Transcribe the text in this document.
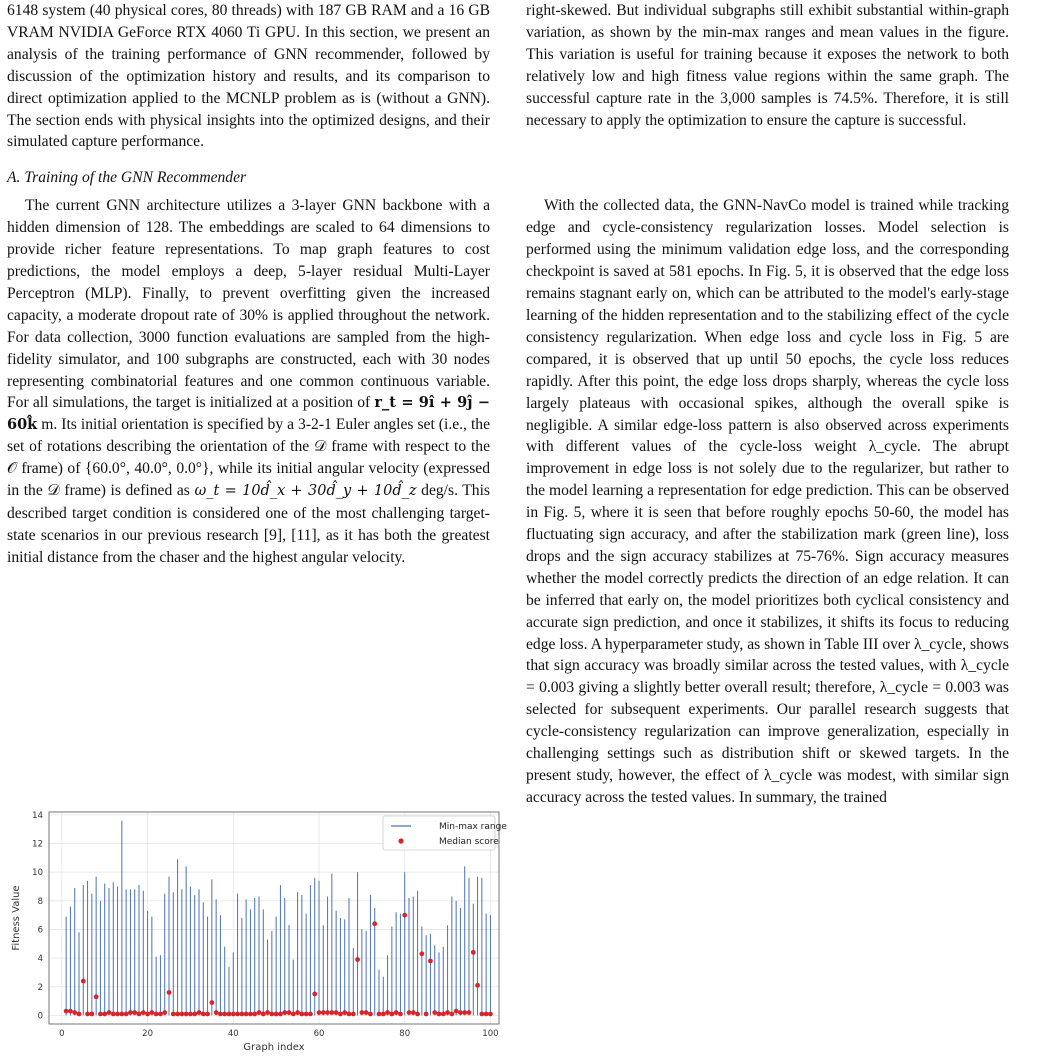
6148 system (40 physical cores, 80 threads) with 187 GB RAM and a 16 GB VRAM NVIDIA GeForce RTX 4060 Ti GPU. In this section, we present an analysis of the training performance of GNN recommender, followed by discussion of the optimization history and results, and its comparison to direct optimization applied to the MCNLP problem as is (without a GNN). The section ends with physical insights into the optimized designs, and their simulated capture performance.

A. Training of the GNN Recommender

The current GNN architecture utilizes a 3-layer GNN backbone with a hidden dimension of 128. The embeddings are scaled to 64 dimensions to provide richer feature representations. To map graph features to cost predictions, the model employs a deep, 5-layer residual Multi-Layer Perceptron (MLP). Finally, to prevent overfitting given the increased capacity, a moderate dropout rate of 30% is applied throughout the network. For data collection, 3000 function evaluations are sampled from the high-fidelity simulator, and 100 subgraphs are constructed, each with 30 nodes representing combinatorial features and one common continuous variable. For all simulations, the target is initialized at a position of r_t = 9î + 9ĵ − 60k̂ m. Its initial orientation is specified by a 3-2-1 Euler angles set (i.e., the set of rotations describing the orientation of the 𝒟 frame with respect to the 𝒪 frame) of {60.0°, 40.0°, 0.0°}, while its initial angular velocity (expressed in the 𝒟 frame) is defined as ω_t = 10d̂_x + 30d̂_y + 10d̂_z deg/s. This described target condition is considered one of the most challenging target-state scenarios in our previous research [9], [11], as it has both the greatest initial distance from the chaser and the highest angular velocity.

right-skewed. But individual subgraphs still exhibit substantial within-graph variation, as shown by the min-max ranges and mean values in the figure. This variation is useful for training because it exposes the network to both relatively low and high fitness value regions within the same graph. The successful capture rate in the 3,000 samples is 74.5%. Therefore, it is still necessary to apply the optimization to ensure the capture is successful.

With the collected data, the GNN-NavCo model is trained while tracking edge and cycle-consistency regularization losses. Model selection is performed using the minimum validation edge loss, and the corresponding checkpoint is saved at 581 epochs. In Fig. 5, it is observed that the edge loss remains stagnant early on, which can be attributed to the model's early-stage learning of the hidden representation and to the stabilizing effect of the cycle consistency regularization. When edge loss and cycle loss in Fig. 5 are compared, it is observed that up until 50 epochs, the cycle loss reduces rapidly. After this point, the edge loss drops sharply, whereas the cycle loss largely plateaus with occasional spikes, although the overall spike is negligible. A similar edge-loss pattern is also observed across experiments with different values of the cycle-loss weight λ_cycle. The abrupt improvement in edge loss is not solely due to the regularizer, but rather to the model learning a representation for edge prediction. This can be observed in Fig. 5, where it is seen that before roughly epochs 50-60, the model has fluctuating sign accuracy, and after the stabilization mark (green line), loss drops and the sign accuracy stabilizes at 75-76%. Sign accuracy measures whether the model correctly predicts the direction of an edge relation. It can be inferred that early on, the model prioritizes both cyclical consistency and accurate sign prediction, and once it stabilizes, it shifts its focus to reducing edge loss. A hyperparameter study, as shown in Table III over λ_cycle, shows that sign accuracy was broadly similar across the tested values, with λ_cycle = 0.003 giving a slightly better overall result; therefore, λ_cycle = 0.003 was selected for subsequent experiments. Our parallel research suggests that cycle-consistency regularization can improve generalization, especially in challenging settings such as distribution shift or skewed targets. In the present study, however, the effect of λ_cycle was modest, with similar sign accuracy across the tested values. In summary, the trained

0
2
4
6
8
10
12
14
0	20	40	60	80	100
Graph index
Fitness Value
Min-max range
Median score
